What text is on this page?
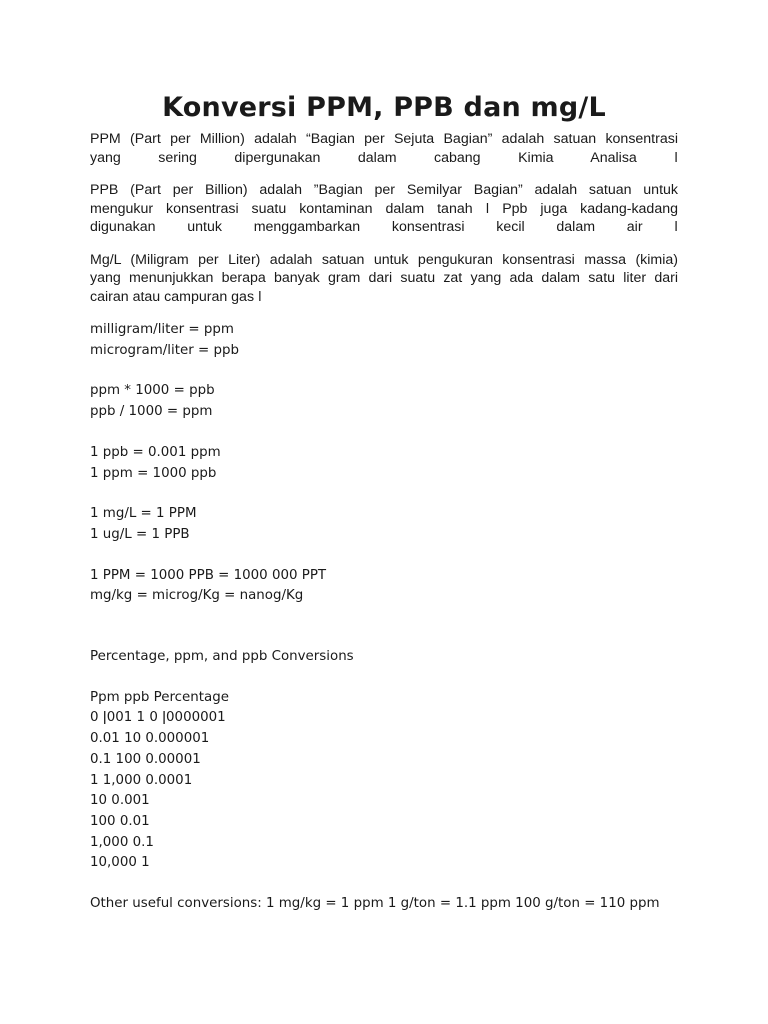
Konversi PPM, PPB dan mg/L

PPM (Part per Million) adalah “Bagian per Sejuta Bagian” adalah satuan konsentrasi

yang sering dipergunakan dalam cabang Kimia Analisa ǀ

PPB (Part per Billion) adalah ”Bagian per Semilyar Bagian” adalah satuan untuk

mengukur konsentrasi suatu kontaminan dalam tanah ǀ Ppb juga kadang-kadang

digunakan untuk menggambarkan konsentrasi kecil dalam air ǀ

Mg/L (Miligram per Liter) adalah satuan untuk pengukuran konsentrasi massa (kimia)

yang menunjukkan berapa banyak gram dari suatu zat yang ada dalam satu liter dari

cairan atau campuran gas ǀ

milligram/liter = ppm

microgram/liter = ppb

ppm * 1000 = ppb

ppb / 1000 = ppm

1 ppb = 0.001 ppm

1 ppm = 1000 ppb

1 mg/L = 1 PPM

1 ug/L = 1 PPB

1 PPM = 1000 PPB = 1000 000 PPT

mg/kg = microg/Kg = nanog/Kg

Percentage, ppm, and ppb Conversions

Ppm ppb Percentage

0 ǀ001 1 0 ǀ0000001

0.01 10 0.000001

0.1 100 0.00001

1 1,000 0.0001

10 0.001

100 0.01

1,000 0.1

10,000 1

Other useful conversions: 1 mg/kg = 1 ppm 1 g/ton = 1.1 ppm 100 g/ton = 110 ppm
